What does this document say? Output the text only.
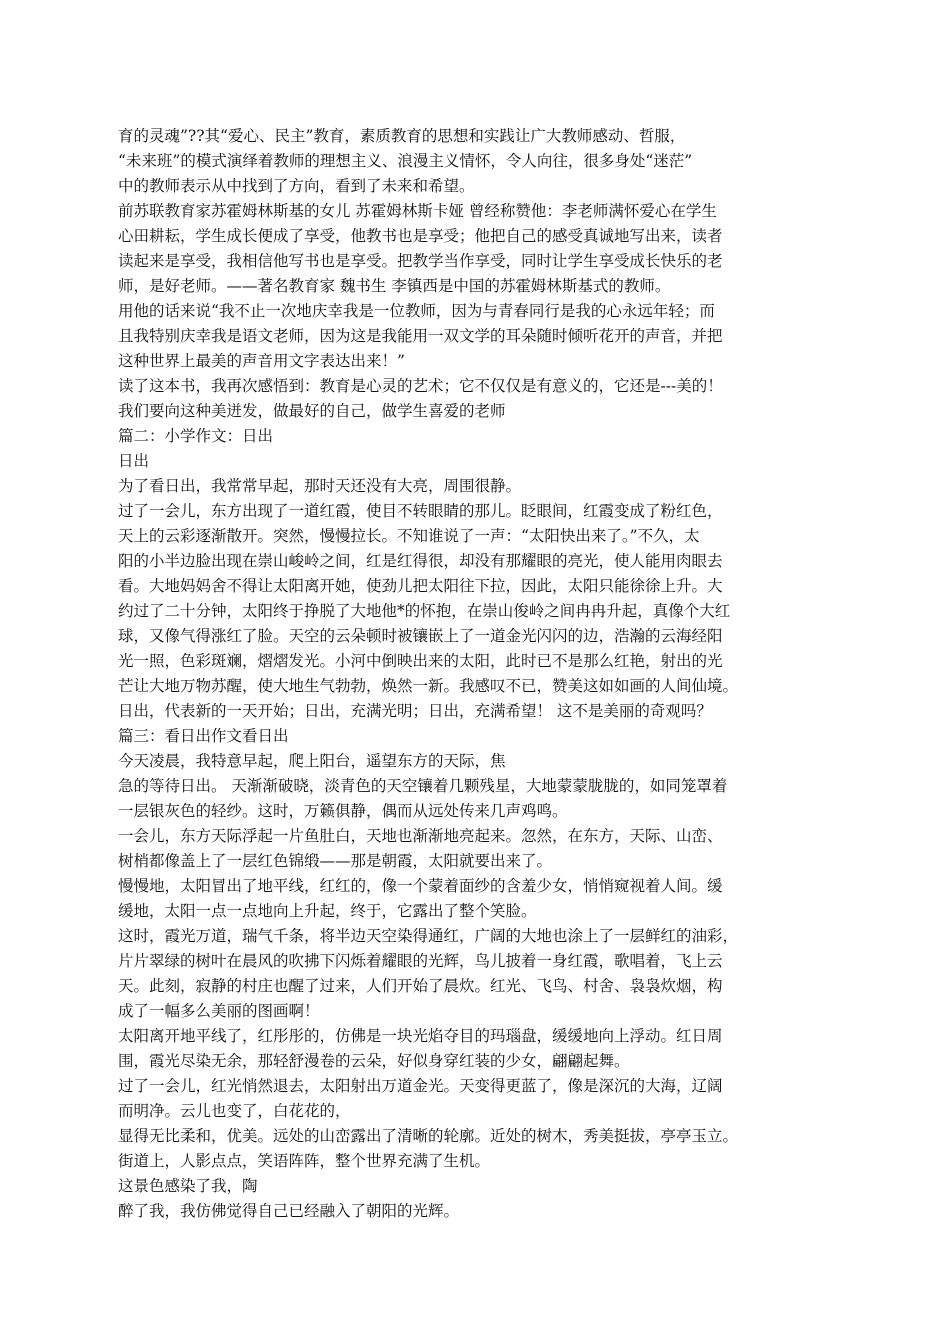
育的灵魂”??其“爱心、民主”教育，素质教育的思想和实践让广大教师感动、哲服，
“未来班”的模式演绎着教师的理想主义、浪漫主义情怀，令人向往，很多身处“迷茫”
中的教师表示从中找到了方向，看到了未来和希望。

前苏联教育家苏霍姆林斯基的女儿 苏霍姆林斯卡娅 曾经称赞他：李老师满怀爱心在学生
心田耕耘，学生成长便成了享受，他教书也是享受；他把自己的感受真诚地写出来，读者
读起来是享受，我相信他写书也是享受。把教学当作享受，同时让学生享受成长快乐的老
师，是好老师。——著名教育家 魏书生 李镇西是中国的苏霍姆林斯基式的教师。

用他的话来说“我不止一次地庆幸我是一位教师，因为与青春同行是我的心永远年轻；而
且我特别庆幸我是语文老师，因为这是我能用一双文学的耳朵随时倾听花开的声音，并把
这种世界上最美的声音用文字表达出来！”

读了这本书，我再次感悟到：教育是心灵的艺术；它不仅仅是有意义的，它还是---美的！
我们要向这种美迸发，做最好的自己，做学生喜爱的老师

篇二：小学作文：日出

日出

为了看日出，我常常早起，那时天还没有大亮，周围很静。

过了一会儿，东方出现了一道红霞，使目不转眼睛的那儿。眨眼间，红霞变成了粉红色，
天上的云彩逐渐散开。突然，慢慢拉长。不知谁说了一声：“太阳快出来了。”不久，太
阳的小半边脸出现在崇山峻岭之间，红是红得很，却没有那耀眼的亮光，使人能用肉眼去
看。大地妈妈舍不得让太阳离开她，使劲儿把太阳往下拉，因此，太阳只能徐徐上升。大
约过了二十分钟，太阳终于挣脱了大地他*的怀抱，在崇山俊岭之间冉冉升起，真像个大红
球，又像气得涨红了脸。天空的云朵顿时被镶嵌上了一道金光闪闪的边，浩瀚的云海经阳
光一照，色彩斑斓，熠熠发光。小河中倒映出来的太阳，此时已不是那么红艳，射出的光
芒让大地万物苏醒，使大地生气勃勃，焕然一新。我感叹不已，赞美这如如画的人间仙境。

日出，代表新的一天开始；日出，充满光明；日出，充满希望！ 这不是美丽的奇观吗？

篇三：看日出作文看日出

今天凌晨，我特意早起，爬上阳台，遥望东方的天际，焦

急的等待日出。 天渐渐破晓，淡青色的天空镶着几颗残星，大地蒙蒙胧胧的，如同笼罩着
一层银灰色的轻纱。这时，万籁俱静，偶而从远处传来几声鸡鸣。

一会儿，东方天际浮起一片鱼肚白，天地也渐渐地亮起来。忽然，在东方，天际、山峦、
树梢都像盖上了一层红色锦缎——那是朝霞，太阳就要出来了。

慢慢地，太阳冒出了地平线，红红的，像一个蒙着面纱的含羞少女，悄悄窥视着人间。缓
缓地，太阳一点一点地向上升起，终于，它露出了整个笑脸。

这时，霞光万道，瑞气千条，将半边天空染得通红，广阔的大地也涂上了一层鲜红的油彩，
片片翠绿的树叶在晨风的吹拂下闪烁着耀眼的光辉，鸟儿披着一身红霞，歌唱着，飞上云
天。此刻，寂静的村庄也醒了过来，人们开始了晨炊。红光、飞鸟、村舍、袅袅炊烟，构
成了一幅多么美丽的图画啊！

太阳离开地平线了，红彤彤的，仿佛是一块光焰夺目的玛瑙盘，缓缓地向上浮动。红日周
围，霞光尽染无余，那轻舒漫卷的云朵，好似身穿红装的少女，翩翩起舞。

过了一会儿，红光悄然退去，太阳射出万道金光。天变得更蓝了，像是深沉的大海，辽阔
而明净。云儿也变了，白花花的，

显得无比柔和，优美。远处的山峦露出了清晰的轮廓。近处的树木，秀美挺拔，亭亭玉立。
街道上，人影点点，笑语阵阵，整个世界充满了生机。

这景色感染了我，陶

醉了我，我仿佛觉得自己已经融入了朝阳的光辉。
